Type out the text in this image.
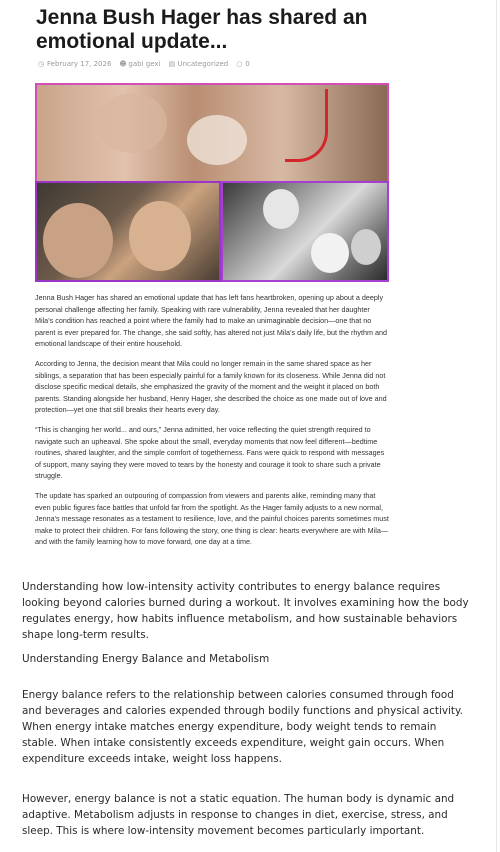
Jenna Bush Hager has shared an emotional update...
◷ February 17, 2026 ☻ gabi gexi ▤ Uncategorized ○ 0

Jenna Bush Hager has shared an emotional update that has left fans heartbroken, opening up about a deeply personal challenge affecting her family. Speaking with rare vulnerability, Jenna revealed that her daughter Mila’s condition has reached a point where the family had to make an unimaginable decision—one that no parent is ever prepared for. The change, she said softly, has altered not just Mila’s daily life, but the rhythm and emotional landscape of their entire household.

According to Jenna, the decision meant that Mila could no longer remain in the same shared space as her siblings, a separation that has been especially painful for a family known for its closeness. While Jenna did not disclose specific medical details, she emphasized the gravity of the moment and the weight it placed on both parents. Standing alongside her husband, Henry Hager, she described the choice as one made out of love and protection—yet one that still breaks their hearts every day.

“This is changing her world... and ours,” Jenna admitted, her voice reflecting the quiet strength required to navigate such an upheaval. She spoke about the small, everyday moments that now feel different—bedtime routines, shared laughter, and the simple comfort of togetherness. Fans were quick to respond with messages of support, many saying they were moved to tears by the honesty and courage it took to share such a private struggle.

The update has sparked an outpouring of compassion from viewers and parents alike, reminding many that even public figures face battles that unfold far from the spotlight. As the Hager family adjusts to a new normal, Jenna’s message resonates as a testament to resilience, love, and the painful choices parents sometimes must make to protect their children. For fans following the story, one thing is clear: hearts everywhere are with Mila—and with the family learning how to move forward, one day at a time.

Understanding how low-intensity activity contributes to energy balance requires looking beyond calories burned during a workout. It involves examining how the body regulates energy, how habits influence metabolism, and how sustainable behaviors shape long-term results.

Understanding Energy Balance and Metabolism

Energy balance refers to the relationship between calories consumed through food and beverages and calories expended through bodily functions and physical activity. When energy intake matches energy expenditure, body weight tends to remain stable. When intake consistently exceeds expenditure, weight gain occurs. When expenditure exceeds intake, weight loss happens.

However, energy balance is not a static equation. The human body is dynamic and adaptive. Metabolism adjusts in response to changes in diet, exercise, stress, and sleep. This is where low-intensity movement becomes particularly important.
